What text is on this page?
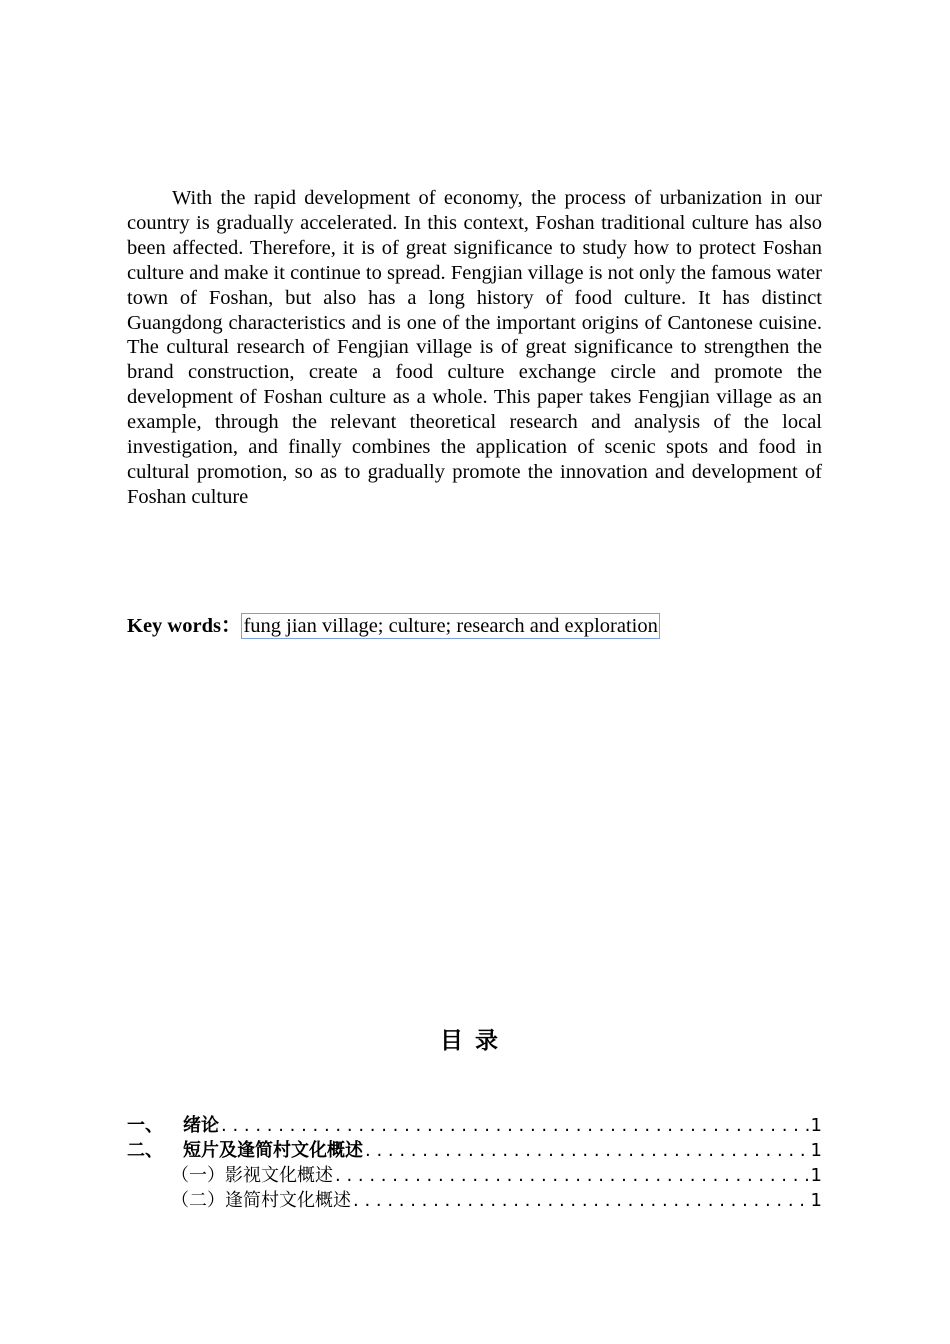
With the rapid development of economy, the process of urbanization in our country is gradually accelerated. In this context, Foshan traditional culture has also been affected. Therefore, it is of great significance to study how to protect Foshan culture and make it continue to spread. Fengjian village is not only the famous water town of Foshan, but also has a long history of food culture. It has distinct Guangdong characteristics and is one of the important origins of Cantonese cuisine. The cultural research of Fengjian village is of great significance to strengthen the brand construction, create a food culture exchange circle and promote the development of Foshan culture as a whole. This paper takes Fengjian village as an example, through the relevant theoretical research and analysis of the local investigation, and finally combines the application of scenic spots and food in cultural promotion, so as to gradually promote the innovation and development of Foshan culture

Key words：fung jian village; culture; research and exploration
目录
一、	绪论 . . .	1
二、	短片及逢简村文化概述 . . .	1
（一）影视文化概述 . . .	1
（二）逢简村文化概述 . . .	1
